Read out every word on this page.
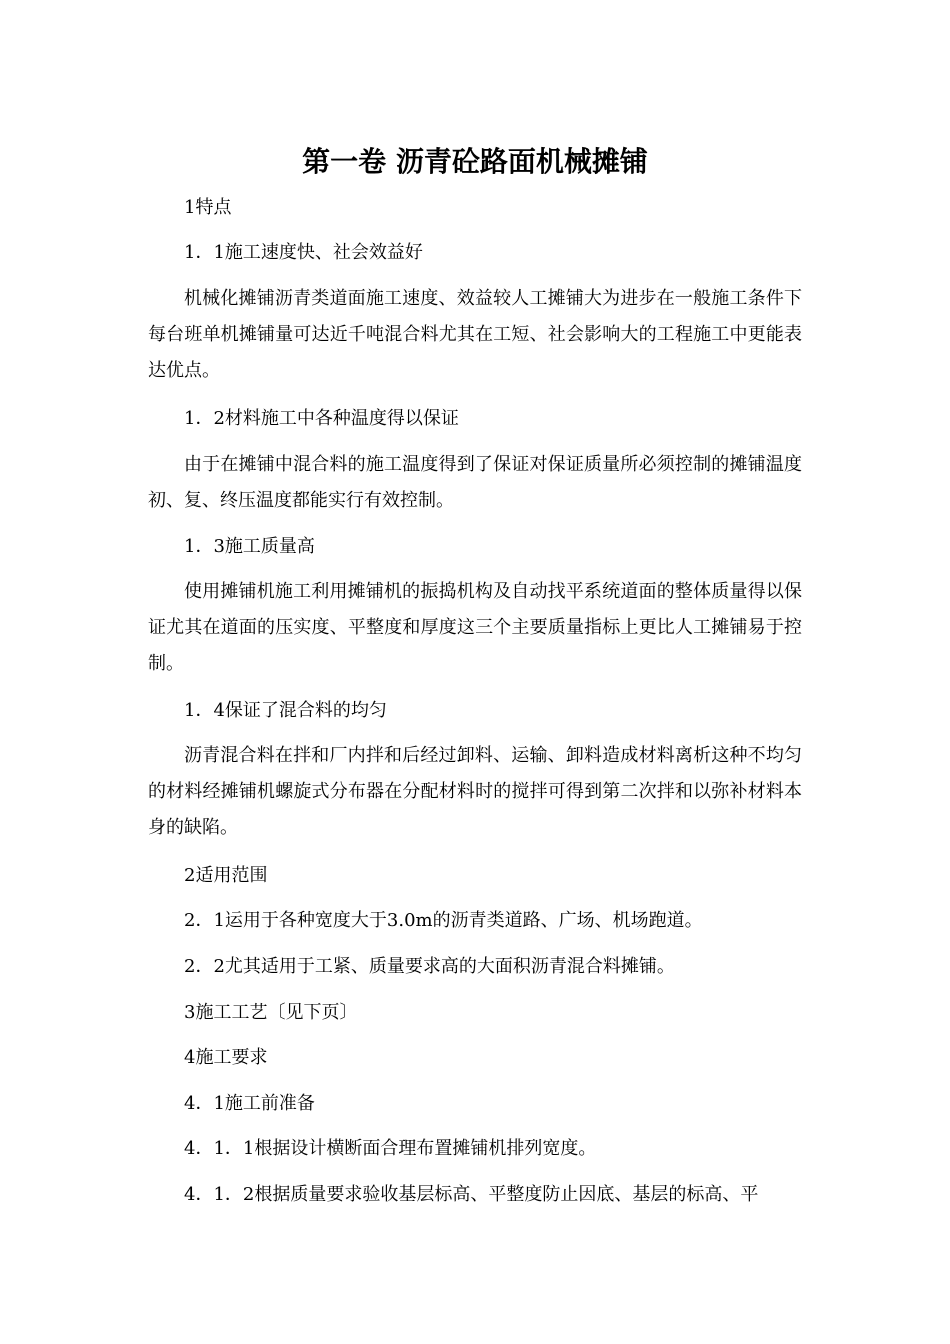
第一卷 沥青砼路面机械摊铺

1特点

1．1施工速度快、社会效益好

机械化摊铺沥青类道面施工速度、效益较人工摊铺大为进步在一般施工条件下每台班单机摊铺量可达近千吨混合料尤其在工短、社会影响大的工程施工中更能表达优点。

1．2材料施工中各种温度得以保证

由于在摊铺中混合料的施工温度得到了保证对保证质量所必须控制的摊铺温度初、复、终压温度都能实行有效控制。

1．3施工质量高

使用摊铺机施工利用摊铺机的振捣机构及自动找平系统道面的整体质量得以保证尤其在道面的压实度、平整度和厚度这三个主要质量指标上更比人工摊铺易于控制。

1．4保证了混合料的均匀

沥青混合料在拌和厂内拌和后经过卸料、运输、卸料造成材料离析这种不均匀的材料经摊铺机螺旋式分布器在分配材料时的搅拌可得到第二次拌和以弥补材料本身的缺陷。

2适用范围

2．1运用于各种宽度大于3.0m的沥青类道路、广场、机场跑道。

2．2尤其适用于工紧、质量要求高的大面积沥青混合料摊铺。

3施工工艺〔见下页〕

4施工要求

4．1施工前准备

4．1．1根据设计横断面合理布置摊铺机排列宽度。

4．1．2根据质量要求验收基层标高、平整度防止因底、基层的标高、平
